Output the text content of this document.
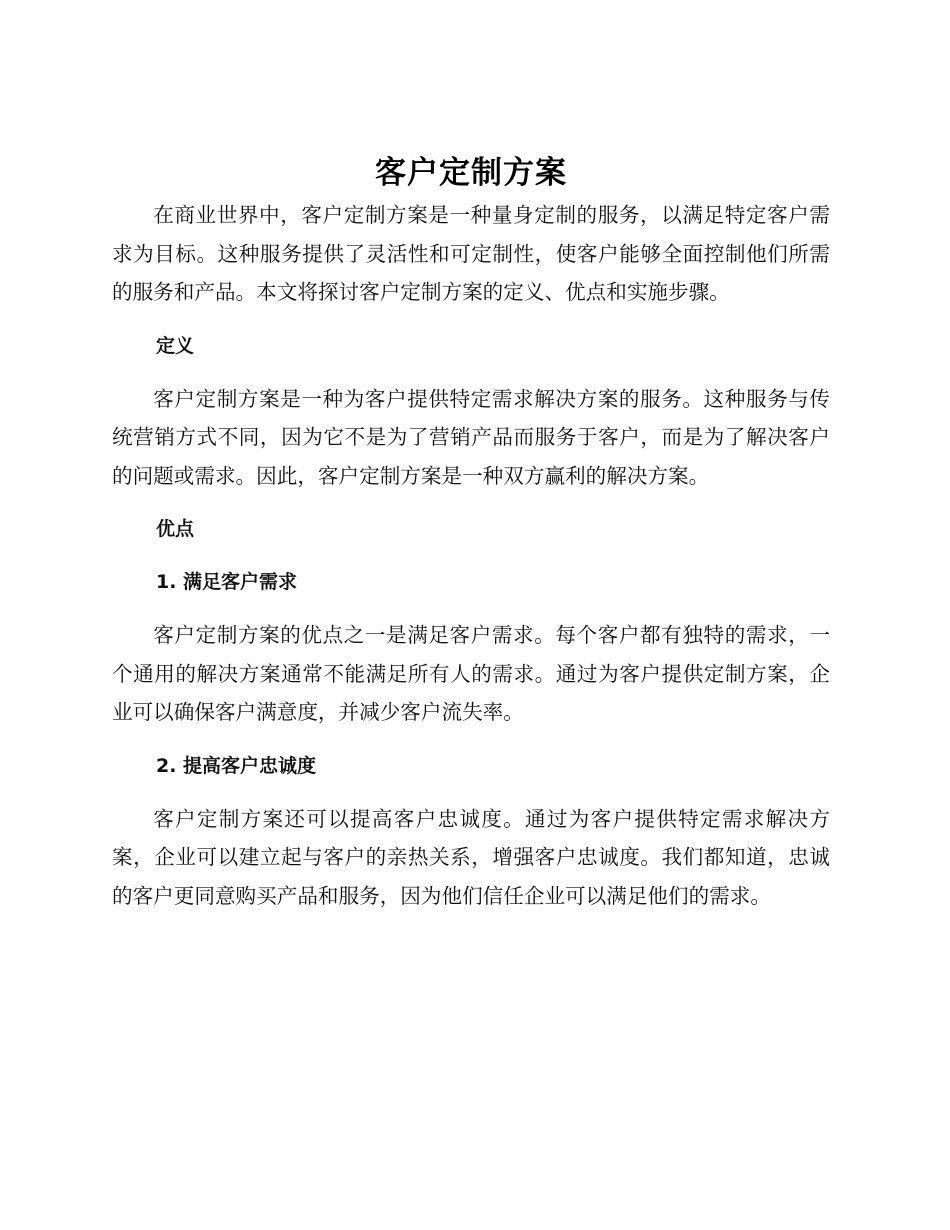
客户定制方案

在商业世界中，客户定制方案是一种量身定制的服务，以满足特定客户需求为目标。这种服务提供了灵活性和可定制性，使客户能够全面控制他们所需的服务和产品。本文将探讨客户定制方案的定义、优点和实施步骤。

定义

客户定制方案是一种为客户提供特定需求解决方案的服务。这种服务与传统营销方式不同，因为它不是为了营销产品而服务于客户，而是为了解决客户的问题或需求。因此，客户定制方案是一种双方赢利的解决方案。

优点
1. 满足客户需求

客户定制方案的优点之一是满足客户需求。每个客户都有独特的需求，一个通用的解决方案通常不能满足所有人的需求。通过为客户提供定制方案，企业可以确保客户满意度，并减少客户流失率。

2. 提高客户忠诚度

客户定制方案还可以提高客户忠诚度。通过为客户提供特定需求解决方案，企业可以建立起与客户的亲热关系，增强客户忠诚度。我们都知道，忠诚的客户更同意购买产品和服务，因为他们信任企业可以满足他们的需求。
